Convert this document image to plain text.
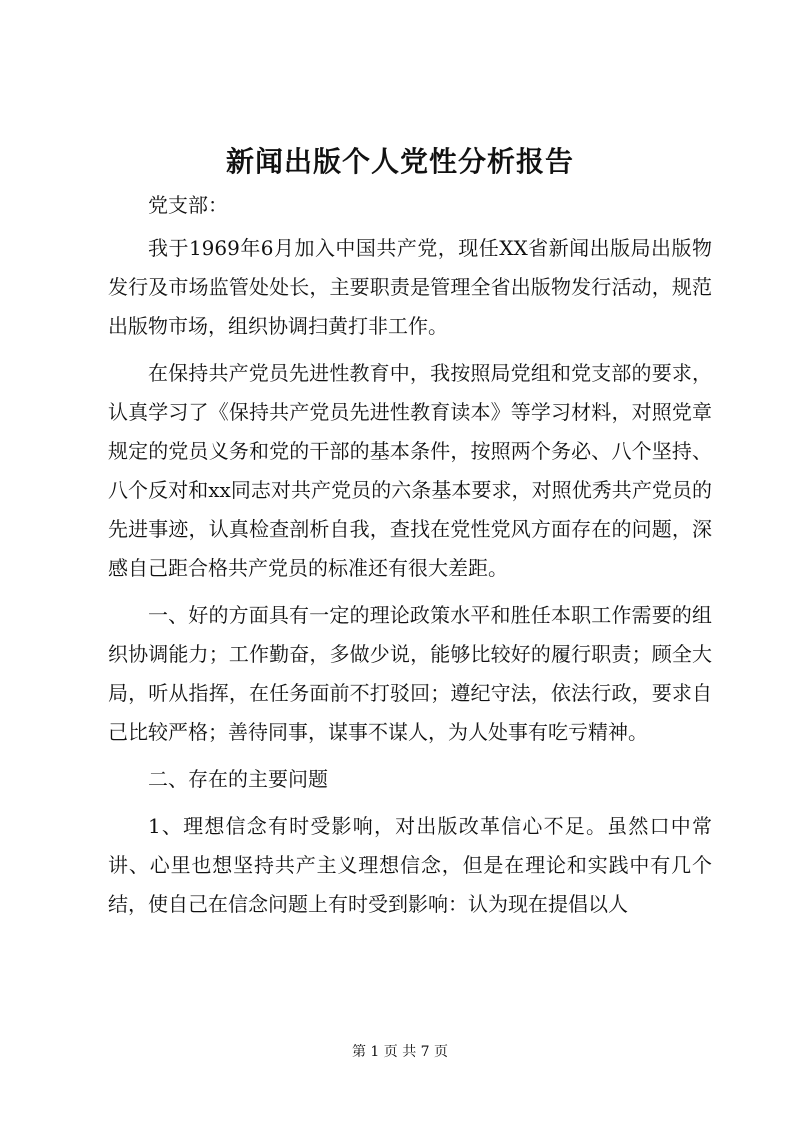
新闻出版个人党性分析报告

党支部：

我于1969年6月加入中国共产党，现任XX省新闻出版局出版物发行及市场监管处处长，主要职责是管理全省出版物发行活动，规范出版物市场，组织协调扫黄打非工作。

在保持共产党员先进性教育中，我按照局党组和党支部的要求，认真学习了《保持共产党员先进性教育读本》等学习材料，对照党章规定的党员义务和党的干部的基本条件，按照两个务必、八个坚持、八个反对和xx同志对共产党员的六条基本要求，对照优秀共产党员的先进事迹，认真检查剖析自我，查找在党性党风方面存在的问题，深感自己距合格共产党员的标准还有很大差距。

一、好的方面具有一定的理论政策水平和胜任本职工作需要的组织协调能力；工作勤奋，多做少说，能够比较好的履行职责；顾全大局，听从指挥，在任务面前不打驳回；遵纪守法，依法行政，要求自己比较严格；善待同事，谋事不谋人，为人处事有吃亏精神。

二、存在的主要问题

1、理想信念有时受影响，对出版改革信心不足。虽然口中常讲、心里也想坚持共产主义理想信念，但是在理论和实践中有几个结，使自己在信念问题上有时受到影响：认为现在提倡以人

第 1 页 共 7 页
